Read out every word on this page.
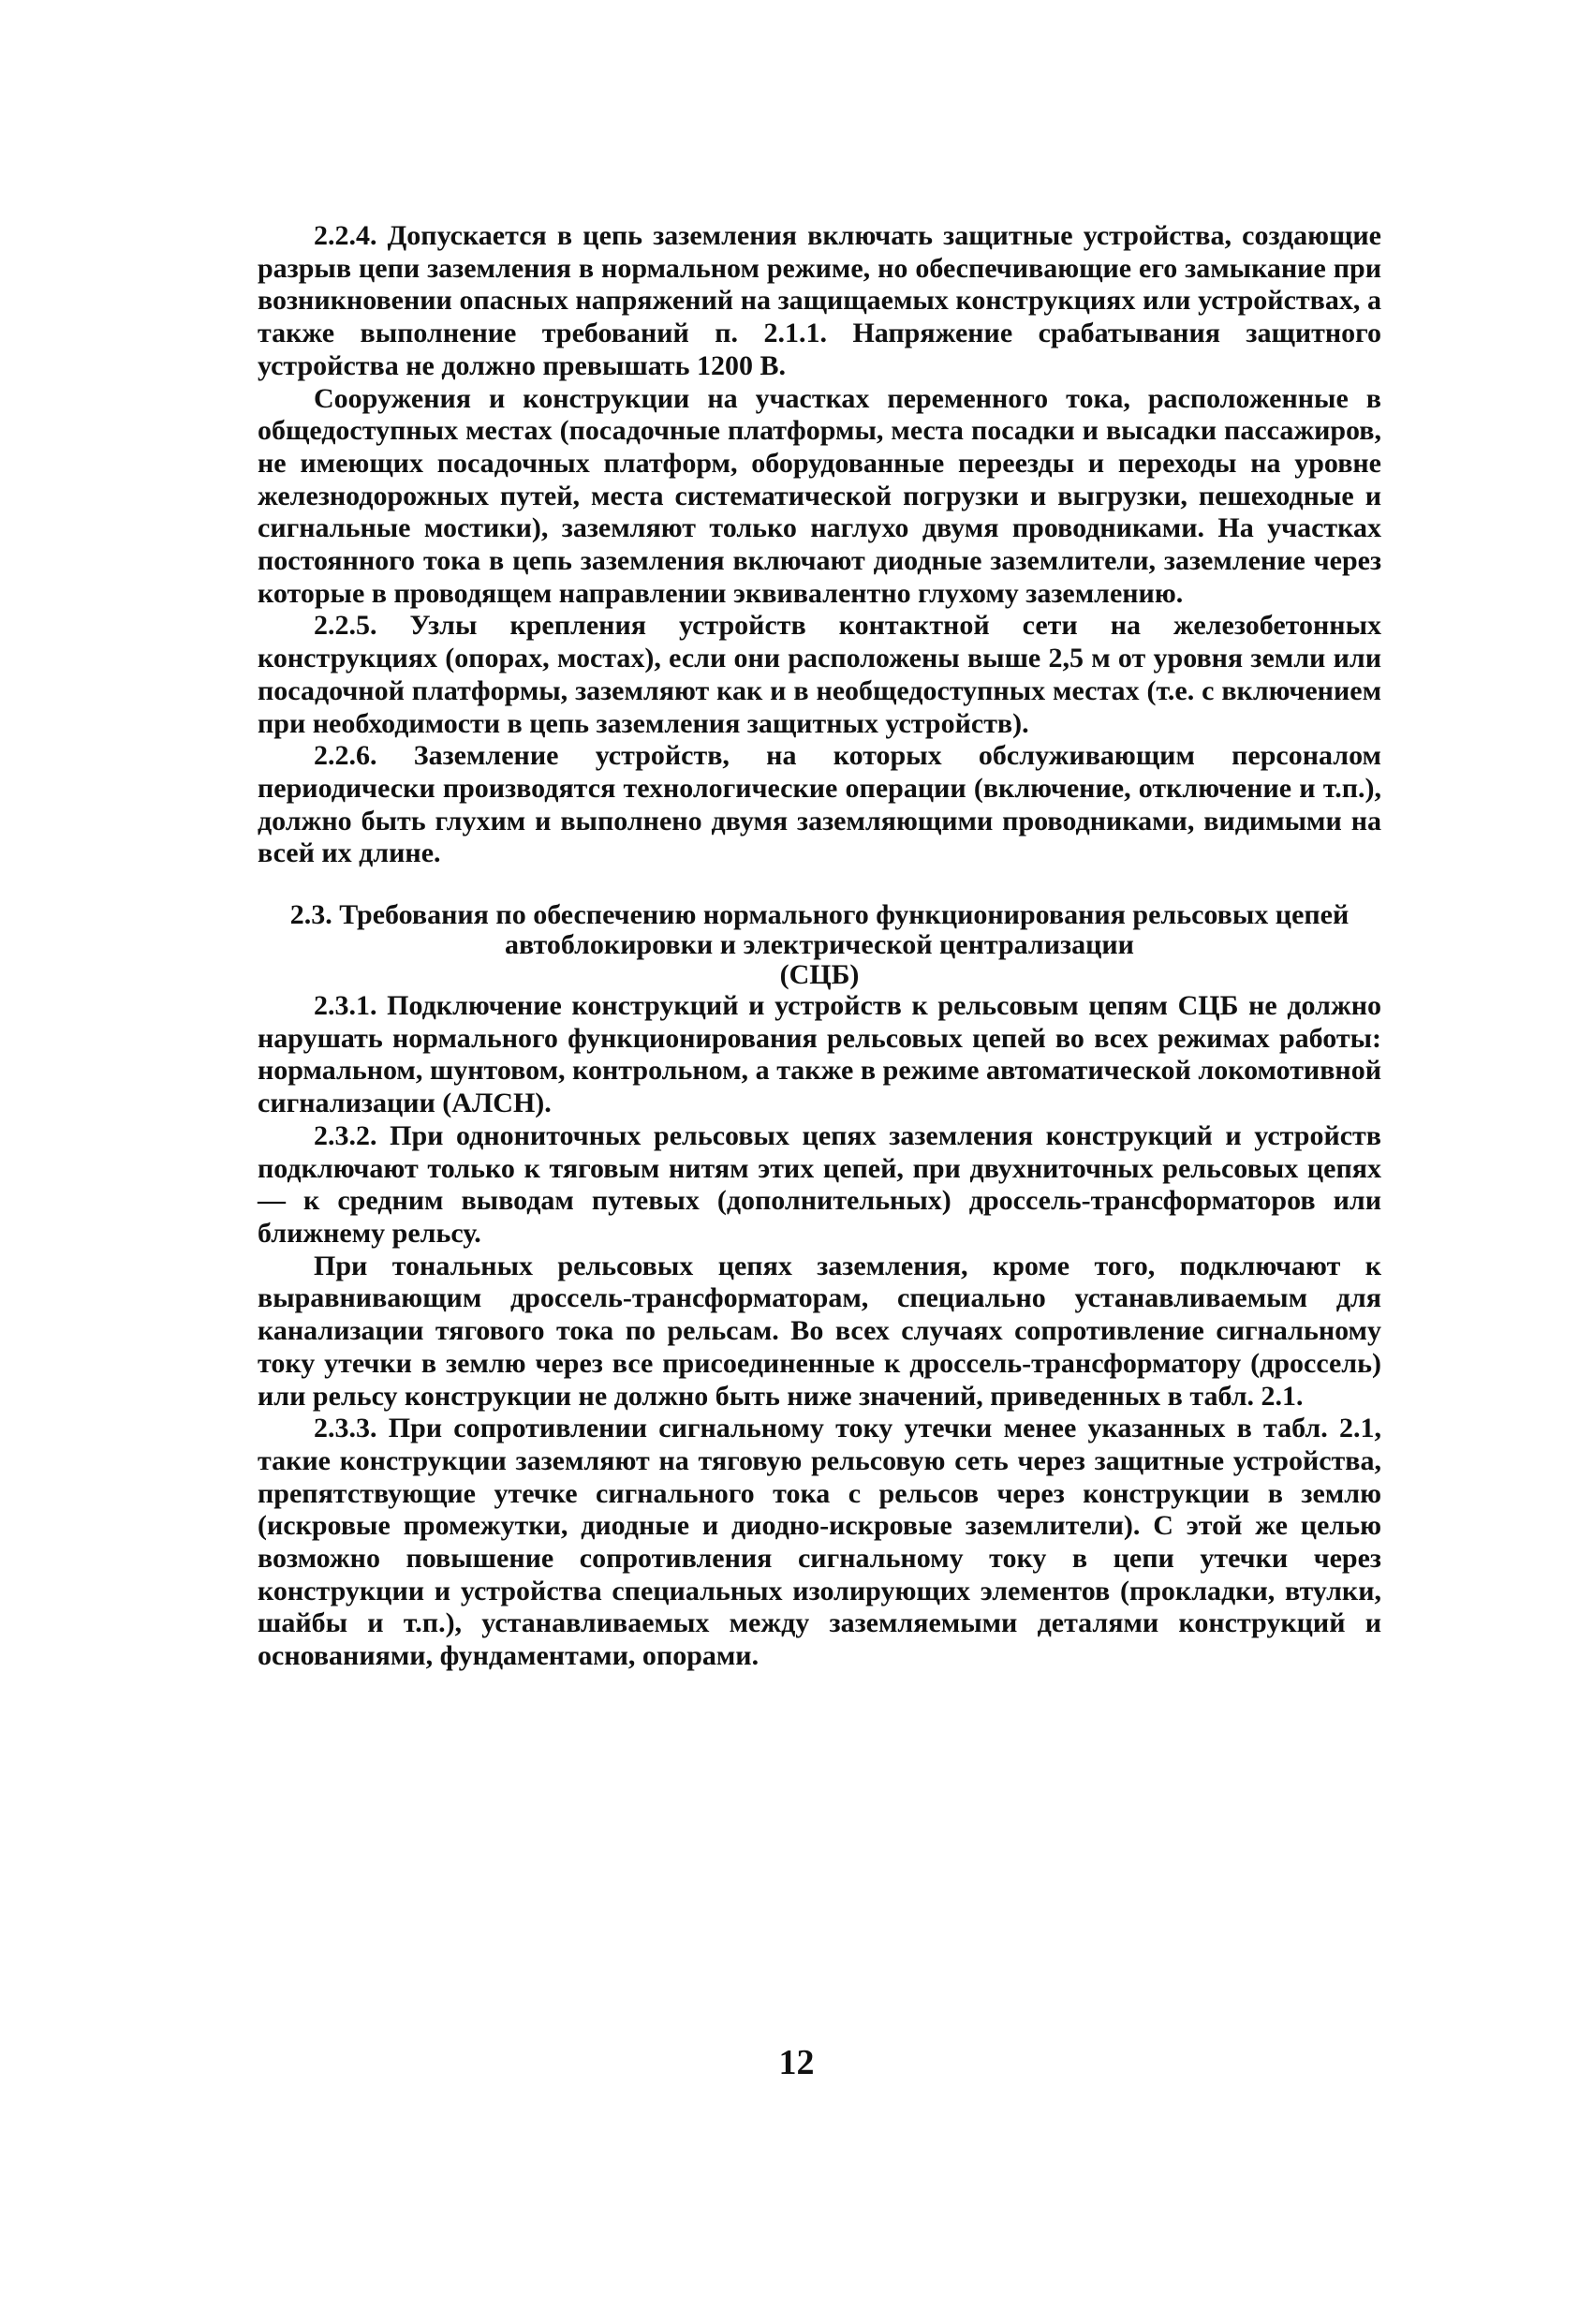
2.2.4. Допускается в цепь заземления включать защитные устройства, создающие разрыв цепи заземления в нормальном режиме, но обеспечивающие его замыкание при возникновении опасных напряжений на защищаемых конструкциях или устройствах, а также выполнение требований п. 2.1.1. Напряжение срабатывания защитного устройства не должно превышать 1200 В.

Сооружения и конструкции на участках переменного тока, расположенные в общедоступных местах (посадочные платформы, места посадки и высадки пассажиров, не имеющих посадочных платформ, оборудованные переезды и переходы на уровне железнодорожных путей, места систематической погрузки и выгрузки, пешеходные и сигнальные мостики), заземляют только наглухо двумя проводниками. На участках постоянного тока в цепь заземления включают диодные заземлители, заземление через которые в проводящем направлении эквивалентно глухому заземлению.

2.2.5. Узлы крепления устройств контактной сети на железобетонных конструкциях (опорах, мостах), если они расположены выше 2,5 м от уровня земли или посадочной платформы, заземляют как и в необщедоступных местах (т.е. с включением при необходимости в цепь заземления защитных устройств).

2.2.6. Заземление устройств, на которых обслуживающим персоналом периодически производятся технологические операции (включение, отключение и т.п.), должно быть глухим и выполнено двумя заземляющими проводниками, видимыми на всей их длине.

2.3. Требования по обеспечению нормального функционирования рельсовых цепей автоблокировки и электрической централизации
(СЦБ)

2.3.1. Подключение конструкций и устройств к рельсовым цепям СЦБ не должно нарушать нормального функционирования рельсовых цепей во всех режимах работы: нормальном, шунтовом, контрольном, а также в режиме автоматической локомотивной сигнализации (АЛСН).

2.3.2. При однониточных рельсовых цепях заземления конструкций и устройств подключают только к тяговым нитям этих цепей, при двухниточных рельсовых цепях — к средним выводам путевых (дополнительных) дроссель-трансформаторов или ближнему рельсу.

При тональных рельсовых цепях заземления, кроме того, подключают к выравнивающим дроссель-трансформаторам, специально устанавливаемым для канализации тягового тока по рельсам. Во всех случаях сопротивление сигнальному току утечки в землю через все присоединенные к дроссель-трансформатору (дроссель) или рельсу конструкции не должно быть ниже значений, приведенных в табл. 2.1.

2.3.3. При сопротивлении сигнальному току утечки менее указанных в табл. 2.1, такие конструкции заземляют на тяговую рельсовую сеть через защитные устройства, препятствующие утечке сигнального тока с рельсов через конструкции в землю (искровые промежутки, диодные и диодно-искровые заземлители). С этой же целью возможно повышение сопротивления сигнальному току в цепи утечки через конструкции и устройства специальных изолирующих элементов (прокладки, втулки, шайбы и т.п.), устанавливаемых между заземляемыми деталями конструкций и основаниями, фундаментами, опорами.

12
